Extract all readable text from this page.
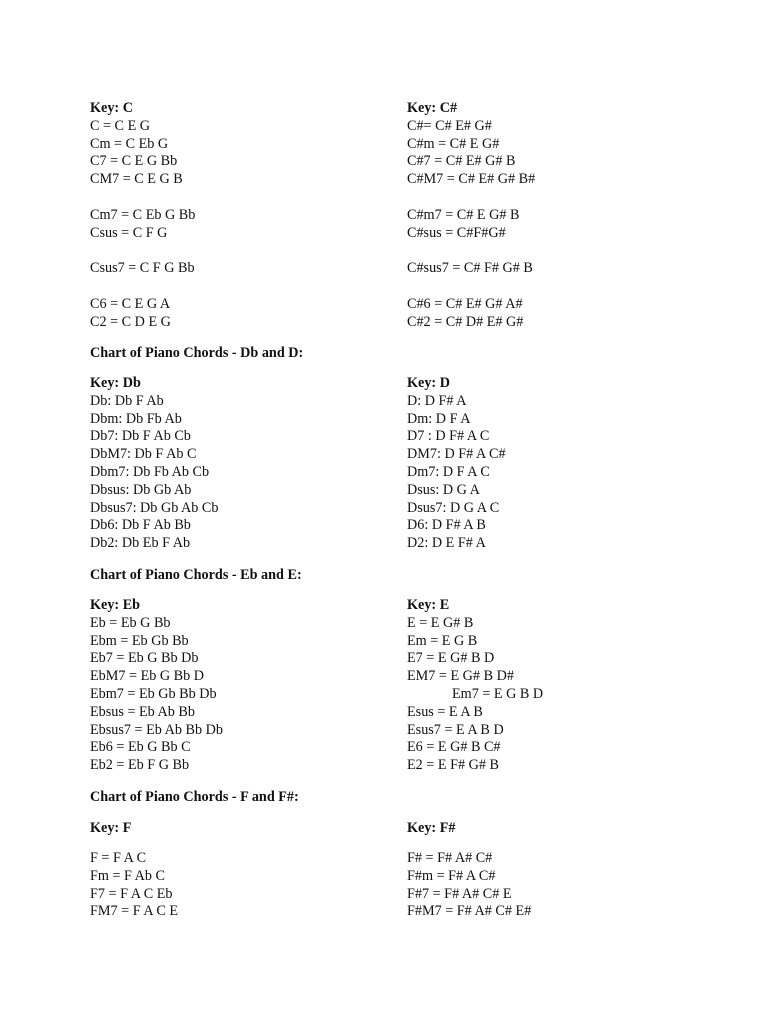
Key: C
C = C E G
Cm = C Eb G
C7 = C E G Bb
CM7 = C E G B
Cm7 = C Eb G Bb
Csus = C F G
Csus7 = C F G Bb
C6 = C E G A
C2 = C D E G
Key: C#
C#= C# E# G#
C#m = C# E G#
C#7 = C# E# G# B
C#M7 = C# E# G# B#
C#m7 = C# E G# B
C#sus = C#F#G#
C#sus7 = C# F# G# B
C#6 = C# E# G# A#
C#2 = C# D# E# G#
Chart of Piano Chords - Db and D:
Key: Db
Db: Db F Ab
Dbm: Db Fb Ab
Db7: Db F Ab Cb
DbM7: Db F Ab C
Dbm7: Db Fb Ab Cb
Dbsus: Db Gb Ab
Dbsus7: Db Gb Ab Cb
Db6: Db F Ab Bb
Db2: Db Eb F Ab
Key: D
D: D F# A
Dm: D F A
D7 : D F# A C
DM7: D F# A C#
Dm7: D F A C
Dsus: D G A
Dsus7: D G A C
D6: D F# A B
D2: D E F# A
Chart of Piano Chords - Eb and E:
Key: Eb
Eb = Eb G Bb
Ebm = Eb Gb Bb
Eb7 = Eb G Bb Db
EbM7 = Eb G Bb D
Ebm7 = Eb Gb Bb Db
Ebsus = Eb Ab Bb
Ebsus7 = Eb Ab Bb Db
Eb6 = Eb G Bb C
Eb2 = Eb F G Bb
Key: E
E = E G# B
Em = E G B
E7 = E G# B D
EM7 = E G# B D#
Em7 = E G B D
Esus = E A B
Esus7 = E A B D
E6 = E G# B C#
E2 = E F# G# B
Chart of Piano Chords - F and F#:
Key: F
F = F A C
Fm = F Ab C
F7 = F A C Eb
FM7 = F A C E
Key: F#
F# = F# A# C#
F#m = F# A C#
F#7 = F# A# C# E
F#M7 = F# A# C# E#
